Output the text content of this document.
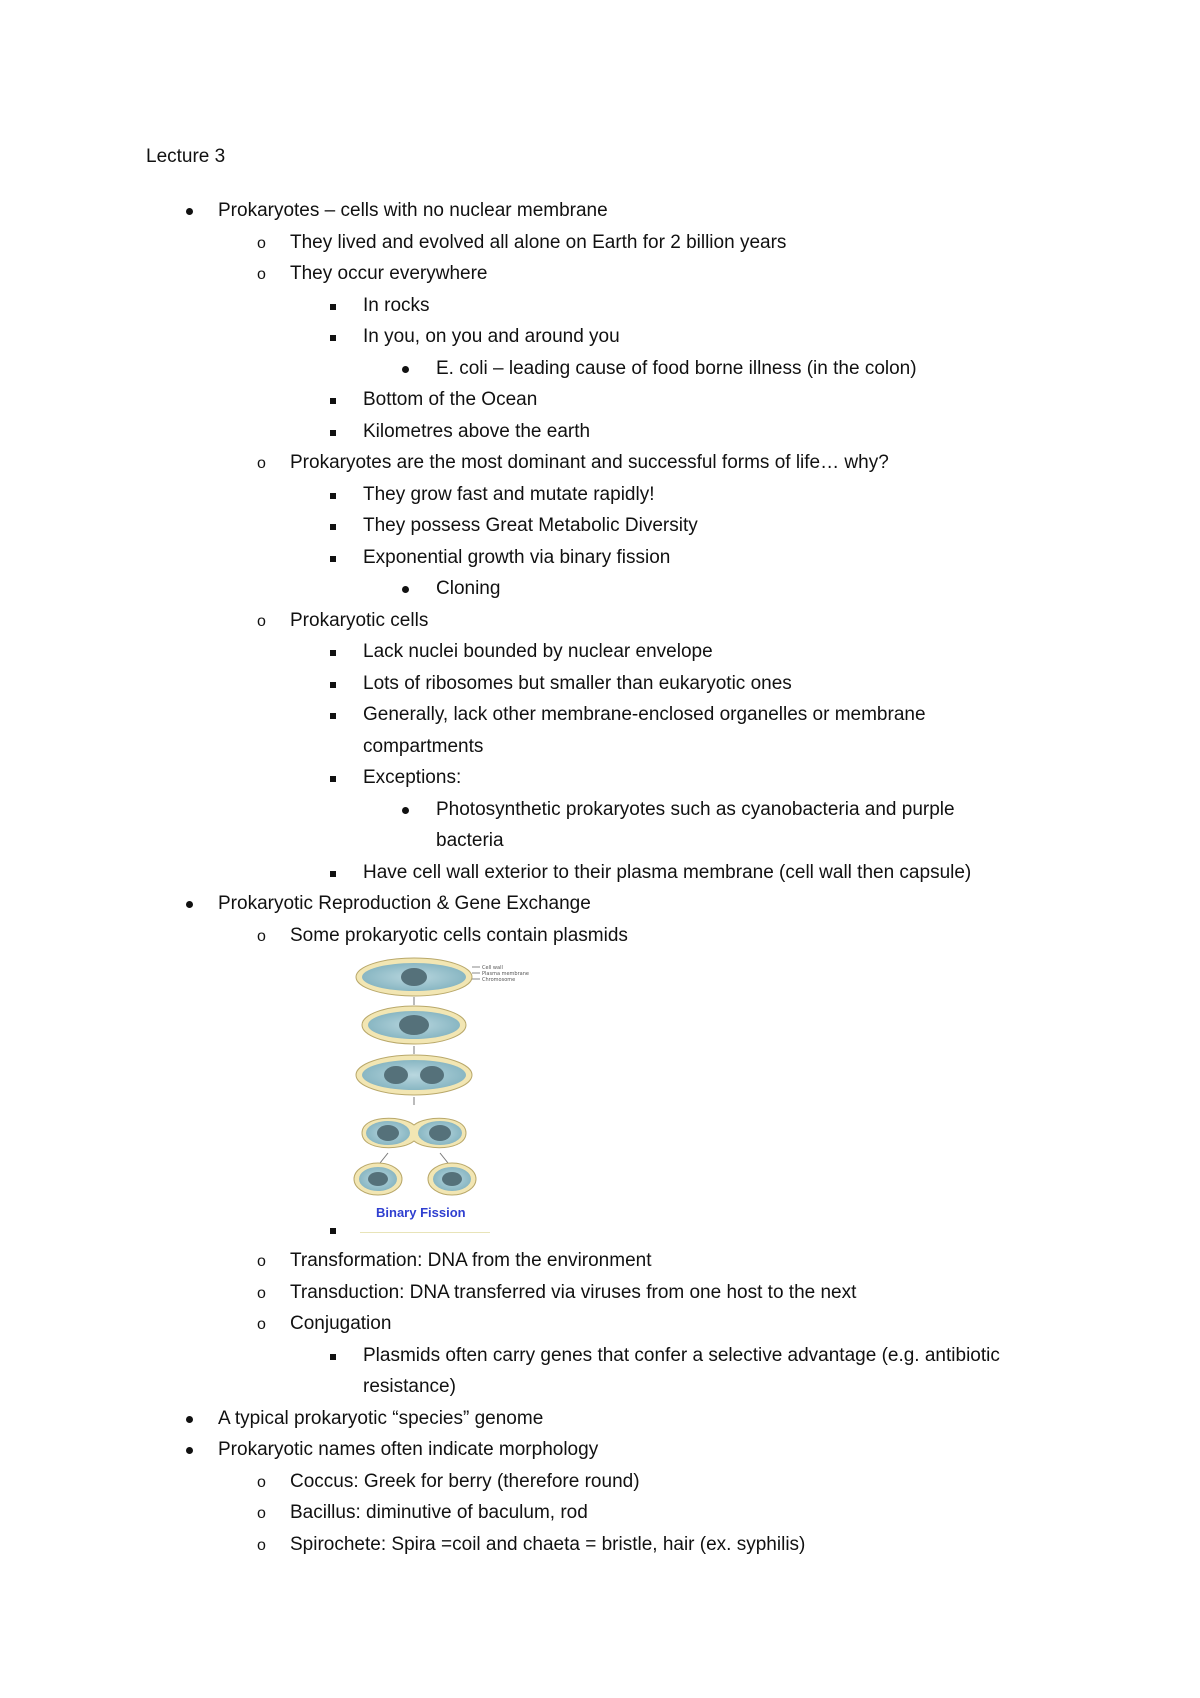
Lecture 3
Prokaryotes – cells with no nuclear membrane
They lived and evolved all alone on Earth for 2 billion years
o
They occur everywhere
o
In rocks
In you, on you and around you
E. coli – leading cause of food borne illness (in the colon)
Bottom of the Ocean
Kilometres above the earth
Prokaryotes are the most dominant and successful forms of life… why?
o
They grow fast and mutate rapidly!
They possess Great Metabolic Diversity
Exponential growth via binary fission
Cloning
Prokaryotic cells
o
Lack nuclei bounded by nuclear envelope
Lots of ribosomes but smaller than eukaryotic ones
Generally, lack other membrane-enclosed organelles or membrane
compartments
Exceptions:
Photosynthetic prokaryotes such as cyanobacteria and purple
bacteria
Have cell wall exterior to their plasma membrane (cell wall then capsule)
Prokaryotic Reproduction & Gene Exchange
Some prokaryotic cells contain plasmids
o
Cell wall
Plasma membrane
Chromosome
Binary Fission
Transformation: DNA from the environment
o
Transduction: DNA transferred via viruses from one host to the next
o
Conjugation
o
Plasmids often carry genes that confer a selective advantage (e.g. antibiotic
resistance)
A typical prokaryotic “species” genome
Prokaryotic names often indicate morphology
Coccus: Greek for berry (therefore round)
o
Bacillus: diminutive of baculum, rod
o
Spirochete: Spira =coil and chaeta = bristle, hair (ex. syphilis)
o
